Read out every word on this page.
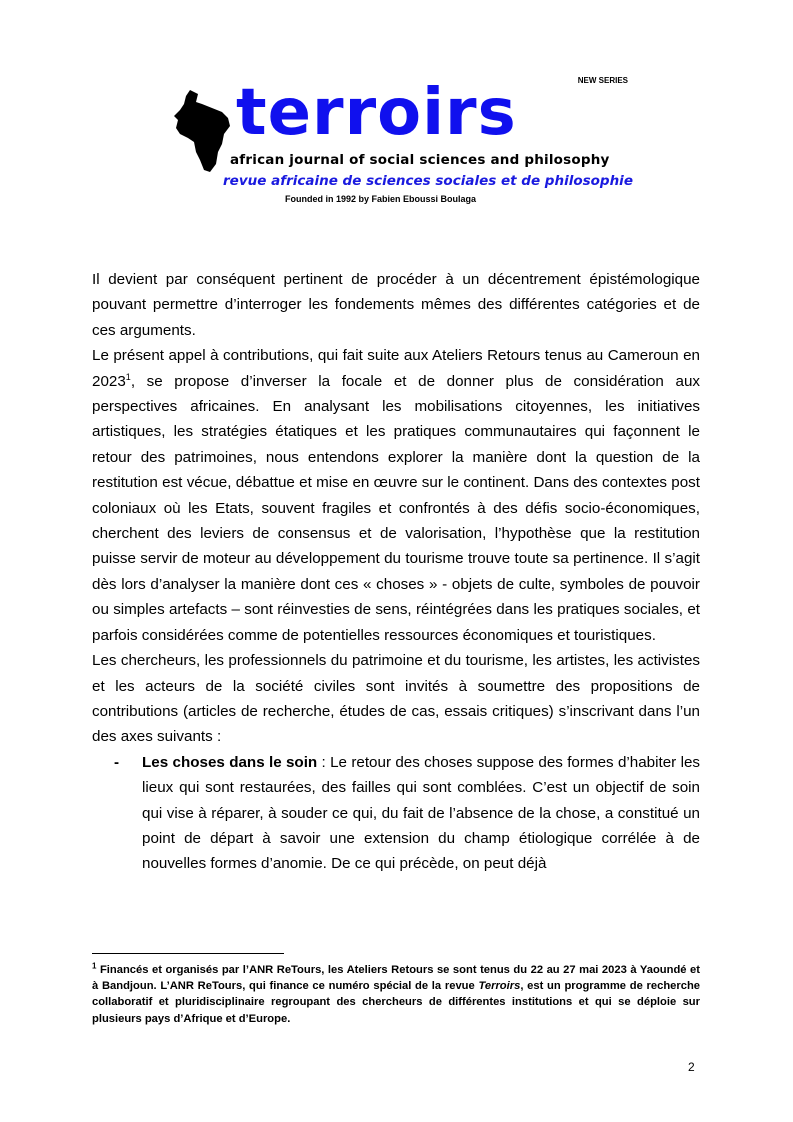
terroirs	NEW SERIES
african journal of social sciences and philosophy
revue africaine de sciences sociales et de philosophie
Founded in 1992 by Fabien Eboussi Boulaga

Il devient par conséquent pertinent de procéder à un décentrement épistémologique pouvant permettre d’interroger les fondements mêmes des différentes catégories et de ces arguments.

Le présent appel à contributions, qui fait suite aux Ateliers Retours tenus au Cameroun en 2023$^1$, se propose d’inverser la focale et de donner plus de considération aux perspectives africaines. En analysant les mobilisations citoyennes, les initiatives artistiques, les stratégies étatiques et les pratiques communautaires qui façonnent le retour des patrimoines, nous entendons explorer la manière dont la question de la restitution est vécue, débattue et mise en œuvre sur le continent. Dans des contextes post coloniaux où les Etats, souvent fragiles et confrontés à des défis socio-économiques, cherchent des leviers de consensus et de valorisation, l’hypothèse que la restitution puisse servir de moteur au développement du tourisme trouve toute sa pertinence. Il s’agit dès lors d’analyser la manière dont ces « choses » - objets de culte, symboles de pouvoir ou simples artefacts – sont réinvesties de sens, réintégrées dans les pratiques sociales, et parfois considérées comme de potentielles ressources économiques et touristiques.

Les chercheurs, les professionnels du patrimoine et du tourisme, les artistes, les activistes et les acteurs de la société civiles sont invités à soumettre des propositions de contributions (articles de recherche, études de cas, essais critiques) s’inscrivant dans l’un des axes suivants :

-	Les choses dans le soin : Le retour des choses suppose des formes d’habiter les lieux qui sont restaurées, des failles qui sont comblées. C’est un objectif de soin qui vise à réparer, à souder ce qui, du fait de l’absence de la chose, a constitué un point de départ à savoir une extension du champ étiologique corrélée à de nouvelles formes d’anomie. De ce qui précède, on peut déjà

$^1$ Financés et organisés par l’ANR ReTours, les Ateliers Retours se sont tenus du 22 au 27 mai 2023 à Yaoundé et à Bandjoun. L’ANR ReTours, qui finance ce numéro spécial de la revue Terroirs, est un programme de recherche collaboratif et pluridisciplinaire regroupant des chercheurs de différentes institutions et qui se déploie sur plusieurs pays d’Afrique et d’Europe.
2
